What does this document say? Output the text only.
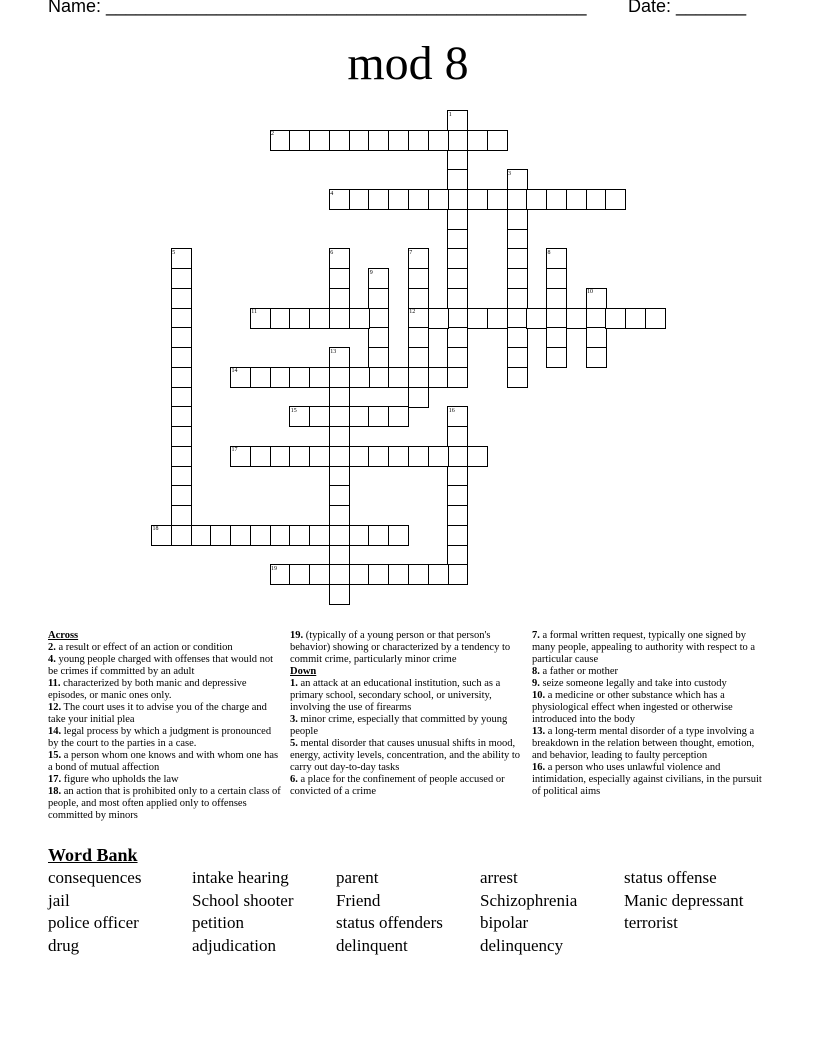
Name: ________________________________________________ Date: _______
mod 8
1
2
3
4
5	6	7	8
9
10
11	12
13
14
15	16
17
18
19
Across

2. a result or effect of an action or condition

4. young people charged with offenses that would not be crimes if committed by an adult

11. characterized by both manic and depressive episodes, or manic ones only.

12. The court uses it to advise you of the charge and take your initial plea

14. legal process by which a judgment is pronounced by the court to the parties in a case.

15. a person whom one knows and with whom one has a bond of mutual affection

17. figure who upholds the law

18. an action that is prohibited only to a certain class of people, and most often applied only to offenses committed by minors

19. (typically of a young person or that person's behavior) showing or characterized by a tendency to commit crime, particularly minor crime

Down

1. an attack at an educational institution, such as a primary school, secondary school, or university, involving the use of firearms

3. minor crime, especially that committed by young people

5. mental disorder that causes unusual shifts in mood, energy, activity levels, concentration, and the ability to carry out day-to-day tasks

6. a place for the confinement of people accused or convicted of a crime

7. a formal written request, typically one signed by many people, appealing to authority with respect to a particular cause

8. a father or mother

9. seize someone legally and take into custody

10. a medicine or other substance which has a physiological effect when ingested or otherwise introduced into the body

13. a long-term mental disorder of a type involving a breakdown in the relation between thought, emotion, and behavior, leading to faulty perception

16. a person who uses unlawful violence and intimidation, especially against civilians, in the pursuit of political aims

Word Bank
consequences
jail
police officer
drug
intake hearing
School shooter
petition
adjudication
parent
Friend
status offenders
delinquent
arrest
Schizophrenia
bipolar
delinquency
status offense
Manic depressant
terrorist
